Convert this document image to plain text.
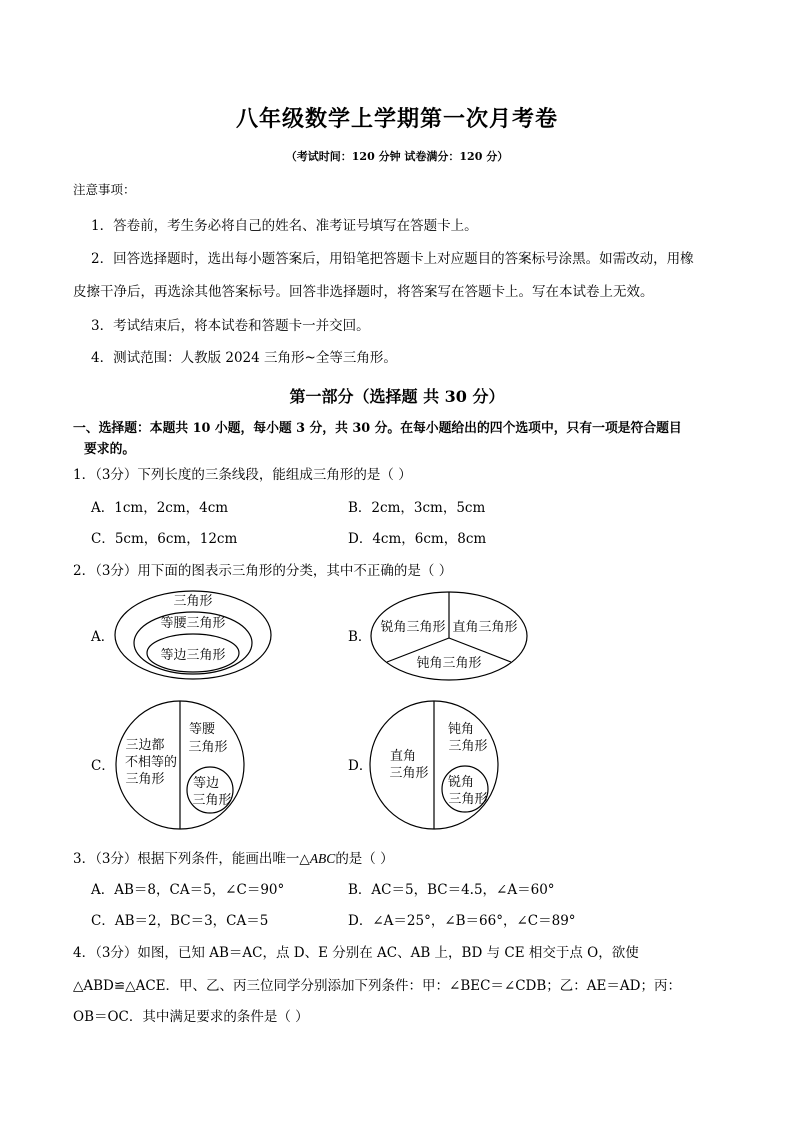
八年级数学上学期第一次月考卷
（考试时间：120 分钟 试卷满分：120 分）
注意事项：
1．答卷前，考生务必将自己的姓名、准考证号填写在答题卡上。
2．回答选择题时，选出每小题答案后，用铅笔把答题卡上对应题目的答案标号涂黑。如需改动，用橡
皮擦干净后，再选涂其他答案标号。回答非选择题时，将答案写在答题卡上。写在本试卷上无效。
3．考试结束后，将本试卷和答题卡一并交回。
4．测试范围：人教版 2024 三角形~全等三角形。
第一部分（选择题 共 30 分）
一、选择题：本题共 10 小题，每小题 3 分，共 30 分。在每小题给出的四个选项中，只有一项是符合题目
要求的。
1．（3分）下列长度的三条线段，能组成三角形的是（ ）
A．1cm，2cm，4cm	B．2cm，3cm，5cm
C．5cm，6cm，12cm	D．4cm，6cm，8cm
2．（3分）用下面的图表示三角形的分类，其中不正确的是（ ）
A．
三角形
等腰三角形
等边三角形
B．
锐角三角形 直角三角形
钝角三角形
C．
三边都
不相等的
三角形
等腰
三角形
等边
三角形
D．
直角
三角形
钝角
三角形
锐角
三角形
3．（3分）根据下列条件，能画出唯一△ABC的是（ ）
A．AB＝8，CA＝5，∠C＝90°	B．AC＝5，BC＝4.5，∠A＝60°
C．AB＝2，BC＝3，CA＝5	D．∠A＝25°，∠B＝66°，∠C＝89°
4．（3分）如图，已知 AB＝AC，点 D、E 分别在 AC、AB 上，BD 与 CE 相交于点 O，欲使
△ABD≌△ACE．甲、乙、丙三位同学分别添加下列条件：甲：∠BEC＝∠CDB；乙：AE＝AD；丙：
OB＝OC．其中满足要求的条件是（ ）
